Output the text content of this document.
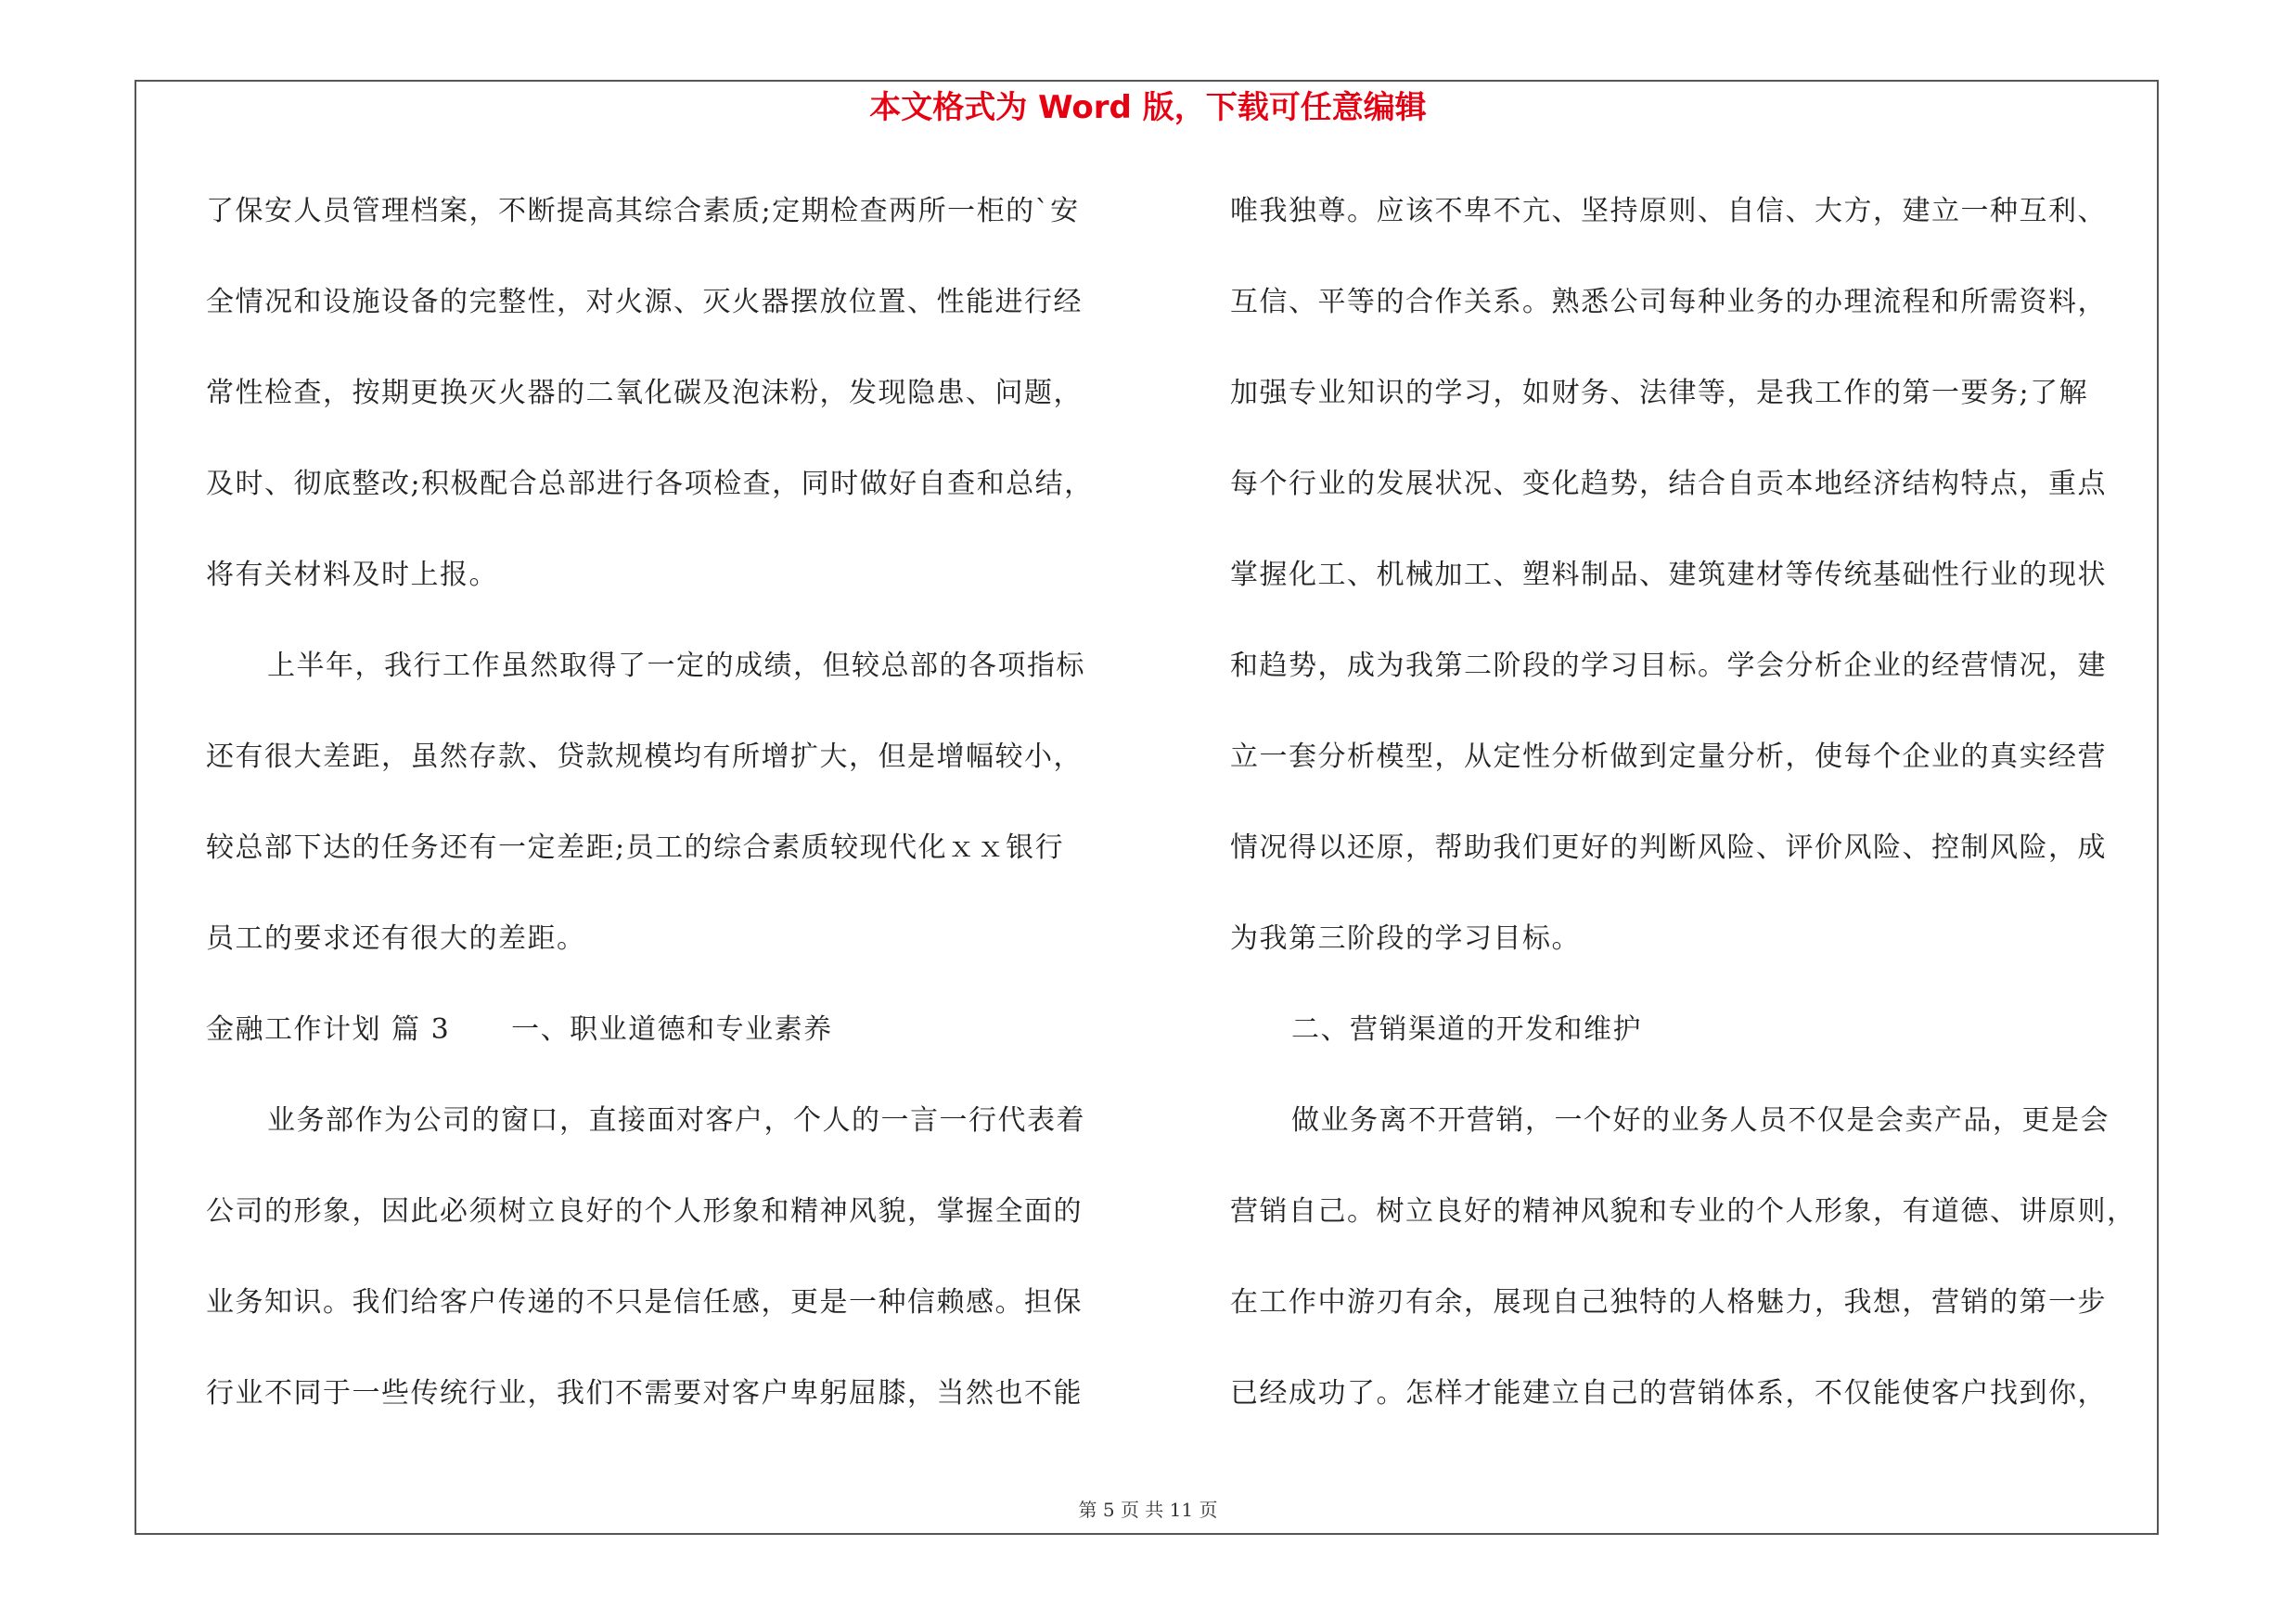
本文格式为 Word 版，下载可任意编辑
了保安人员管理档案，不断提高其综合素质;定期检查两所一柜的`安
全情况和设施设备的完整性，对火源、灭火器摆放位置、性能进行经
常性检查，按期更换灭火器的二氧化碳及泡沫粉，发现隐患、问题，
及时、彻底整改;积极配合总部进行各项检查，同时做好自查和总结，
将有关材料及时上报。
上半年，我行工作虽然取得了一定的成绩，但较总部的各项指标
还有很大差距，虽然存款、贷款规模均有所增扩大，但是增幅较小，
较总部下达的任务还有一定差距;员工的综合素质较现代化ｘｘ银行
员工的要求还有很大的差距。
金融工作计划 篇 3 一、职业道德和专业素养
业务部作为公司的窗口，直接面对客户，个人的一言一行代表着
公司的形象，因此必须树立良好的个人形象和精神风貌，掌握全面的
业务知识。我们给客户传递的不只是信任感，更是一种信赖感。担保
行业不同于一些传统行业，我们不需要对客户卑躬屈膝，当然也不能
唯我独尊。应该不卑不亢、坚持原则、自信、大方，建立一种互利、
互信、平等的合作关系。熟悉公司每种业务的办理流程和所需资料，
加强专业知识的学习，如财务、法律等，是我工作的第一要务;了解
每个行业的发展状况、变化趋势，结合自贡本地经济结构特点，重点
掌握化工、机械加工、塑料制品、建筑建材等传统基础性行业的现状
和趋势，成为我第二阶段的学习目标。学会分析企业的经营情况，建
立一套分析模型，从定性分析做到定量分析，使每个企业的真实经营
情况得以还原，帮助我们更好的判断风险、评价风险、控制风险，成
为我第三阶段的学习目标。
二、营销渠道的开发和维护
做业务离不开营销，一个好的业务人员不仅是会卖产品，更是会
营销自己。树立良好的精神风貌和专业的个人形象，有道德、讲原则，
在工作中游刃有余，展现自己独特的人格魅力，我想，营销的第一步
已经成功了。怎样才能建立自己的营销体系，不仅能使客户找到你，
第 5 页 共 11 页
